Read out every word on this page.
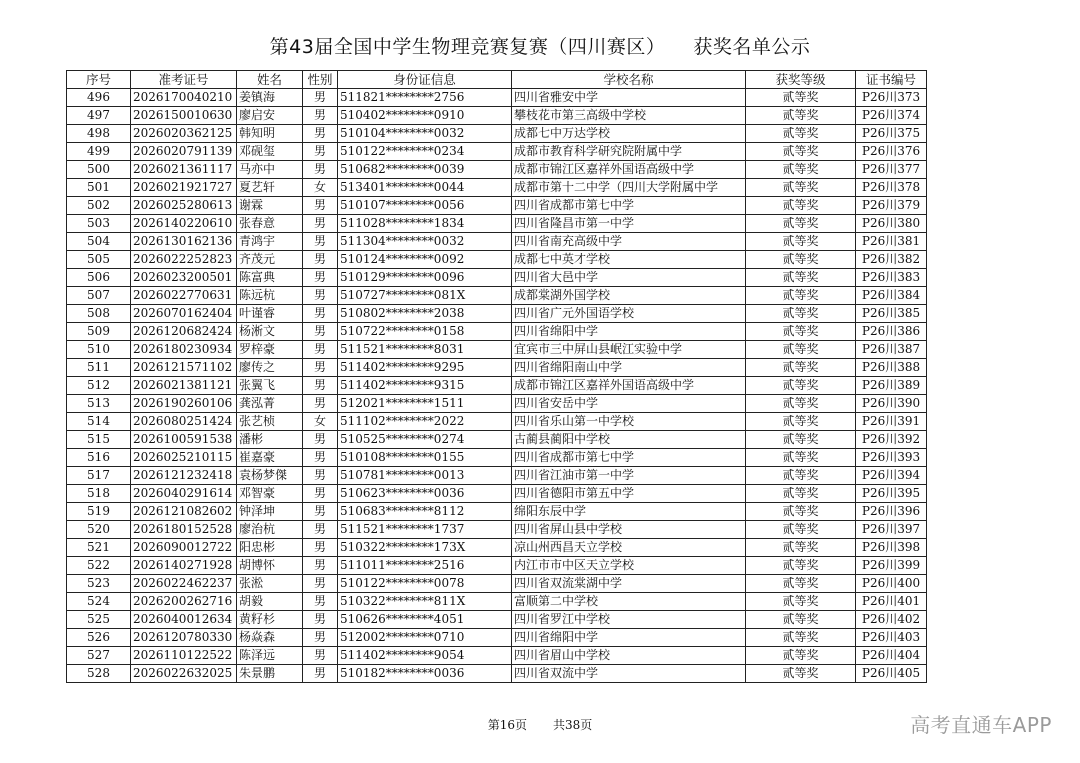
第43届全国中学生物理竞赛复赛（四川赛区） 获奖名单公示
序号	准考证号	姓名	性别	身份证信息	学校名称	获奖等级	证书编号
496	2026170040210	姜镇海	男	511821********2756	四川省雅安中学	贰等奖	P26川373
497	2026150010630	廖启安	男	510402********0910	攀枝花市第三高级中学校	贰等奖	P26川374
498	2026020362125	韩知明	男	510104********0032	成都七中万达学校	贰等奖	P26川375
499	2026020791139	邓砚玺	男	510122********0234	成都市教育科学研究院附属中学	贰等奖	P26川376
500	2026021361117	马亦中	男	510682********0039	成都市锦江区嘉祥外国语高级中学	贰等奖	P26川377
501	2026021921727	夏艺轩	女	513401********0044	成都市第十二中学（四川大学附属中学	贰等奖	P26川378
502	2026025280613	谢霖	男	510107********0056	四川省成都市第七中学	贰等奖	P26川379
503	2026140220610	张春意	男	511028********1834	四川省隆昌市第一中学	贰等奖	P26川380
504	2026130162136	青鸿宇	男	511304********0032	四川省南充高级中学	贰等奖	P26川381
505	2026022252823	齐茂元	男	510124********0092	成都七中英才学校	贰等奖	P26川382
506	2026023200501	陈富典	男	510129********0096	四川省大邑中学	贰等奖	P26川383
507	2026022770631	陈远杭	男	510727********081X	成都棠湖外国学校	贰等奖	P26川384
508	2026070162404	叶谨睿	男	510802********2038	四川省广元外国语学校	贰等奖	P26川385
509	2026120682424	杨淅文	男	510722********0158	四川省绵阳中学	贰等奖	P26川386
510	2026180230934	罗梓豪	男	511521********8031	宜宾市三中屏山县岷江实验中学	贰等奖	P26川387
511	2026121571102	廖传之	男	511402********9295	四川省绵阳南山中学	贰等奖	P26川388
512	2026021381121	张翼飞	男	511402********9315	成都市锦江区嘉祥外国语高级中学	贰等奖	P26川389
513	2026190260106	龚泓菁	男	512021********1511	四川省安岳中学	贰等奖	P26川390
514	2026080251424	张艺桢	女	511102********2022	四川省乐山第一中学校	贰等奖	P26川391
515	2026100591538	潘彬	男	510525********0274	古蔺县蔺阳中学校	贰等奖	P26川392
516	2026025210115	崔嘉豪	男	510108********0155	四川省成都市第七中学	贰等奖	P26川393
517	2026121232418	袁杨梦傑	男	510781********0013	四川省江油市第一中学	贰等奖	P26川394
518	2026040291614	邓智豪	男	510623********0036	四川省德阳市第五中学	贰等奖	P26川395
519	2026121082602	钟泽坤	男	510683********8112	绵阳东辰中学	贰等奖	P26川396
520	2026180152528	廖治杭	男	511521********1737	四川省屏山县中学校	贰等奖	P26川397
521	2026090012722	阳忠彬	男	510322********173X	凉山州西昌天立学校	贰等奖	P26川398
522	2026140271928	胡博怀	男	511011********2516	内江市市中区天立学校	贰等奖	P26川399
523	2026022462237	张淞	男	510122********0078	四川省双流棠湖中学	贰等奖	P26川400
524	2026200262716	胡毅	男	510322********811X	富顺第二中学校	贰等奖	P26川401
525	2026040012634	黄籽杉	男	510626********4051	四川省罗江中学校	贰等奖	P26川402
526	2026120780330	杨焱森	男	512002********0710	四川省绵阳中学	贰等奖	P26川403
527	2026110122522	陈泽远	男	511402********9054	四川省眉山中学校	贰等奖	P26川404
528	2026022632025	朱景鹏	男	510182********0036	四川省双流中学	贰等奖	P26川405
第16页 共38页	高考直通车APP
